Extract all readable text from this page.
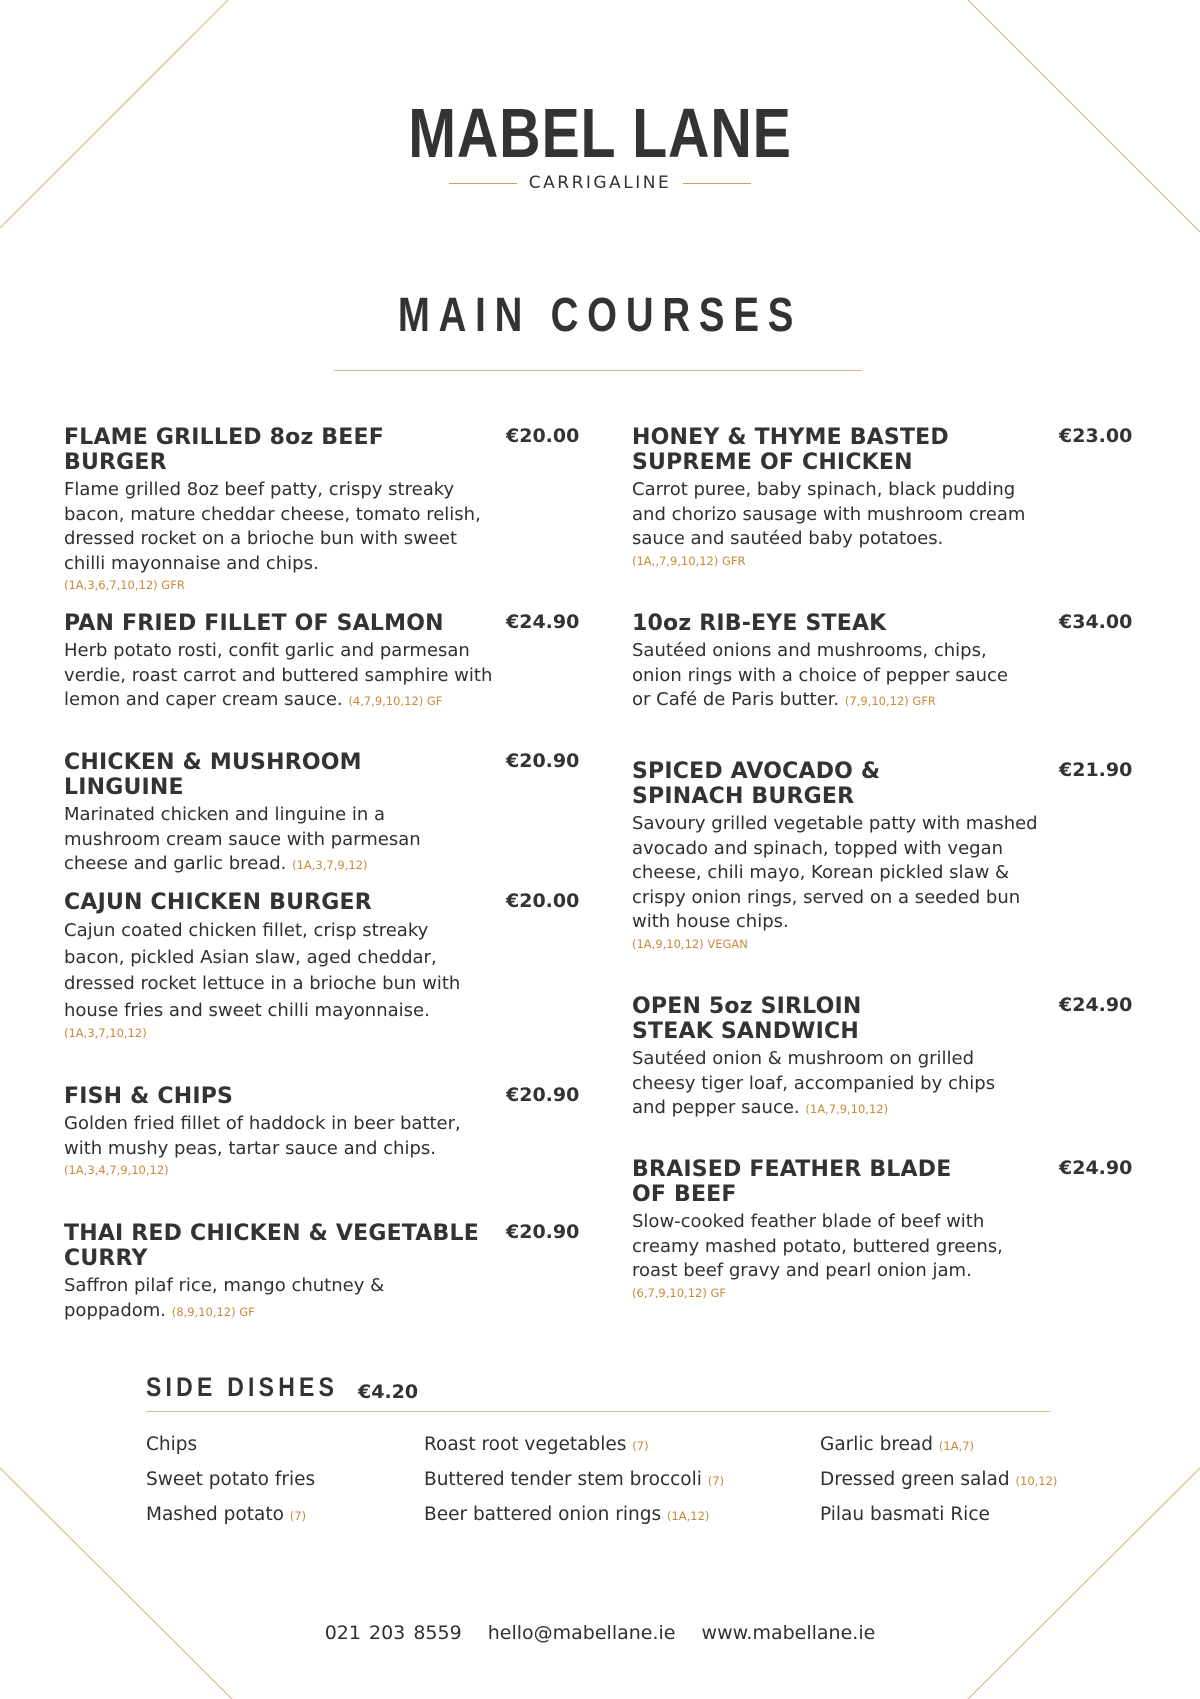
MABEL LANE
CARRIGALINE
MAIN COURSES
FLAME GRILLED 8oz BEEF BURGER
€20.00
Flame grilled 8oz beef patty, crispy streaky bacon, mature cheddar cheese, tomato relish, dressed rocket on a brioche bun with sweet chilli mayonnaise and chips.
(1A,3,6,7,10,12) GFR
PAN FRIED FILLET OF SALMON	€24.90
Herb potato rosti, confit garlic and parmesan verdie, roast carrot and buttered samphire with lemon and caper cream sauce. (4,7,9,10,12) GF
CHICKEN & MUSHROOM LINGUINE
€20.90
Marinated chicken and linguine in a mushroom cream sauce with parmesan cheese and garlic bread. (1A,3,7,9,12)
CAJUN CHICKEN BURGER	€20.00
Cajun coated chicken fillet, crisp streaky bacon, pickled Asian slaw, aged cheddar, dressed rocket lettuce in a brioche bun with house fries and sweet chilli mayonnaise.
(1A,3,7,10,12)
FISH & CHIPS	€20.90
Golden fried fillet of haddock in beer batter, with mushy peas, tartar sauce and chips.
(1A,3,4,7,9,10,12)
THAI RED CHICKEN & VEGETABLE CURRY
€20.90
Saffron pilaf rice, mango chutney & poppadom. (8,9,10,12) GF
HONEY & THYME BASTED SUPREME OF CHICKEN
€23.00
Carrot puree, baby spinach, black pudding and chorizo sausage with mushroom cream sauce and sautéed baby potatoes.
(1A,,7,9,10,12) GFR
10oz RIB-EYE STEAK	€34.00
Sautéed onions and mushrooms, chips, onion rings with a choice of pepper sauce or Café de Paris butter. (7,9,10,12) GFR
SPICED AVOCADO & SPINACH BURGER
€21.90
Savoury grilled vegetable patty with mashed avocado and spinach, topped with vegan cheese, chili mayo, Korean pickled slaw & crispy onion rings, served on a seeded bun with house chips.
(1A,9,10,12) VEGAN
OPEN 5oz SIRLOIN STEAK SANDWICH
€24.90
Sautéed onion & mushroom on grilled cheesy tiger loaf, accompanied by chips and pepper sauce. (1A,7,9,10,12)
BRAISED FEATHER BLADE OF BEEF
€24.90
Slow-cooked feather blade of beef with creamy mashed potato, buttered greens, roast beef gravy and pearl onion jam.
(6,7,9,10,12) GF
SIDE DISHES €4.20
Chips
Sweet potato fries
Mashed potato (7)
Roast root vegetables (7)
Buttered tender stem broccoli (7)
Beer battered onion rings (1A,12)
Garlic bread (1A,7)
Dressed green salad (10,12)
Pilau basmati Rice
021 203 8559 hello@mabellane.ie www.mabellane.ie
